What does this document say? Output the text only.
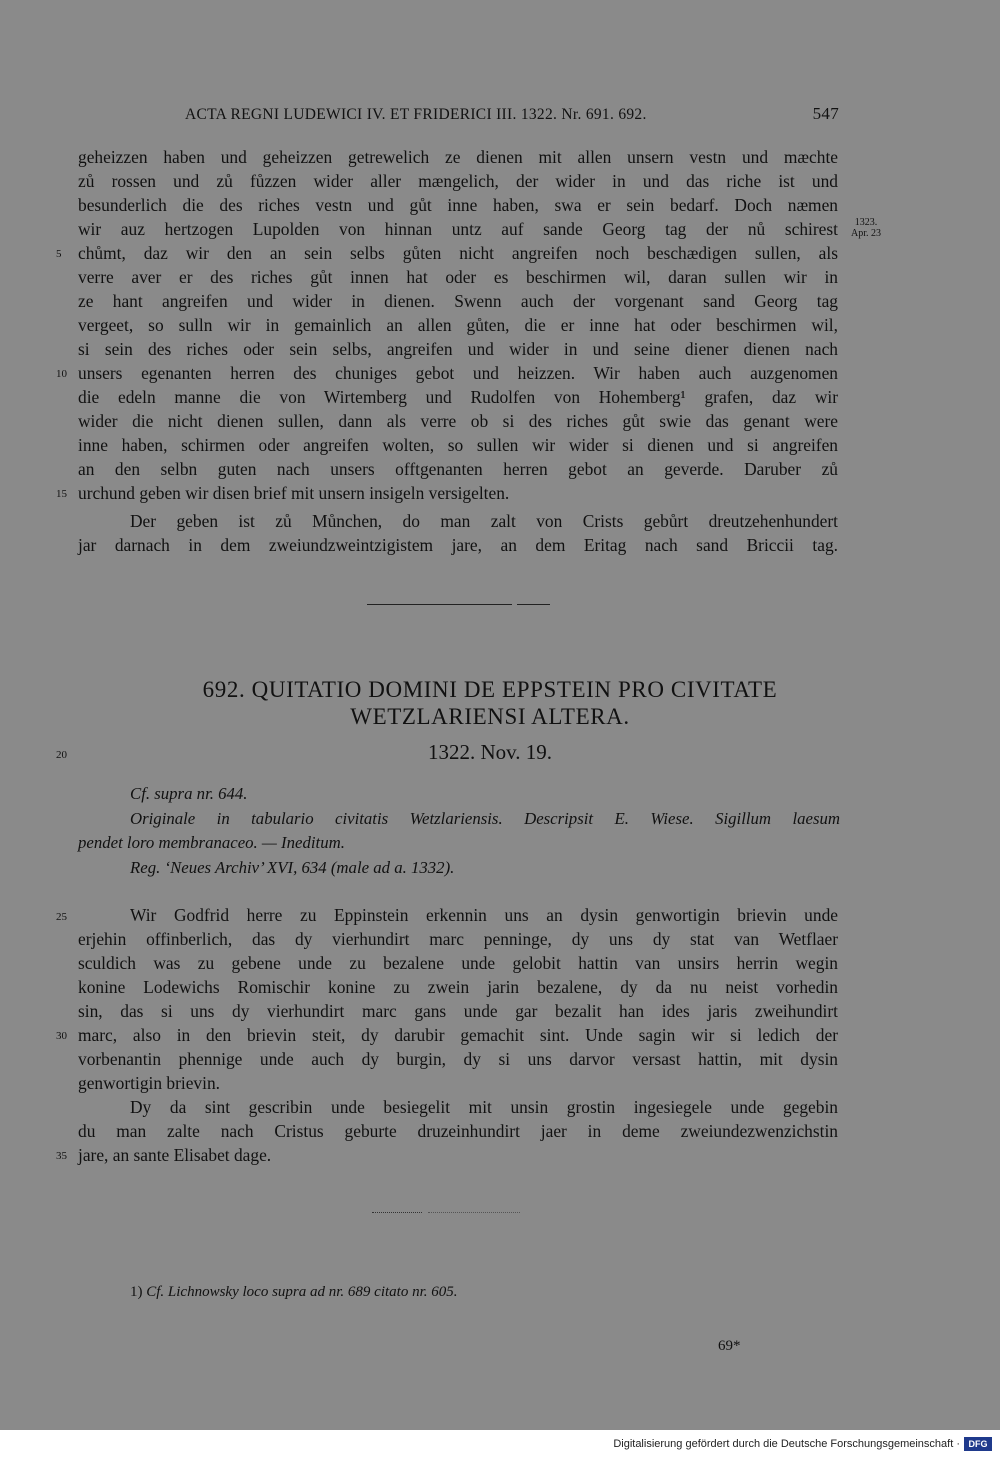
ACTA REGNI LUDEWICI IV. ET FRIDERICI III. 1322. Nr. 691. 692.	547
geheizzen haben und geheizzen getrewelich ze dienen mit allen unsern vestn und mæchte
zů rossen und zů fůzzen wider aller mængelich, der wider in und das riche ist und
besunderlich die des riches vestn und gůt inne haben, swa er sein bedarf. Doch næmen
wir auz hertzogen Lupolden von hinnan untz auf sande Georg tag der nů schirest
chůmt, daz wir den an sein selbs gůten nicht angreifen noch beschædigen sullen, als
verre aver er des riches gůt innen hat oder es beschirmen wil, daran sullen wir in
ze hant angreifen und wider in dienen. Swenn auch der vorgenant sand Georg tag
vergeet, so sulln wir in gemainlich an allen gůten, die er inne hat oder beschirmen wil,
si sein des riches oder sein selbs, angreifen und wider in und seine diener dienen nach
unsers egenanten herren des chuniges gebot und heizzen. Wir haben auch auzgenomen
die edeln manne die von Wirtemberg und Rudolfen von Hohemberg¹ grafen, daz wir
wider die nicht dienen sullen, dann als verre ob si des riches gůt swie das genant were
inne haben, schirmen oder angreifen wolten, so sullen wir wider si dienen und si angreifen
an den selbn guten nach unsers offtgenanten herren gebot an geverde. Daruber zů
urchund geben wir disen brief mit unsern insigeln versigelten.
Der geben ist zů Můnchen, do man zalt von Crists gebůrt dreutzehenhundert
jar darnach in dem zweiundzweintzigistem jare, an dem Eritag nach sand Briccii tag.
1323.
Apr. 23
5
10
15
20
25
30
35
692. QUITATIO DOMINI DE EPPSTEIN PRO CIVITATE
WETZLARIENSI ALTERA.
1322. Nov. 19.
Cf. supra nr. 644.
Originale in tabulario civitatis Wetzlariensis. Descripsit E. Wiese. Sigillum laesum
pendet loro membranaceo. — Ineditum.
Reg. ‘Neues Archiv’ XVI, 634 (male ad a. 1332).
Wir Godfrid herre zu Eppinstein erkennin uns an dysin genwortigin brievin unde
erjehin offinberlich, das dy vierhundirt marc penninge, dy uns dy stat van Wetflaer
sculdich was zu gebene unde zu bezalene unde gelobit hattin van unsirs herrin wegin
konine Lodewichs Romischir konine zu zwein jarin bezalene, dy da nu neist vorhedin
sin, das si uns dy vierhundirt marc gans unde gar bezalit han ides jaris zweihundirt
marc, also in den brievin steit, dy darubir gemachit sint. Unde sagin wir si ledich der
vorbenantin phennige unde auch dy burgin, dy si uns darvor versast hattin, mit dysin
genwortigin brievin.
Dy da sint gescribin unde besiegelit mit unsin grostin ingesiegele unde gegebin
du man zalte nach Cristus geburte druzeinhundirt jaer in deme zweiundezwenzichstin
jare, an sante Elisabet dage.
1) Cf. Lichnowsky loco supra ad nr. 689 citato nr. 605.
69*
Digitalisierung gefördert durch die Deutsche Forschungsgemeinschaft · DFG
